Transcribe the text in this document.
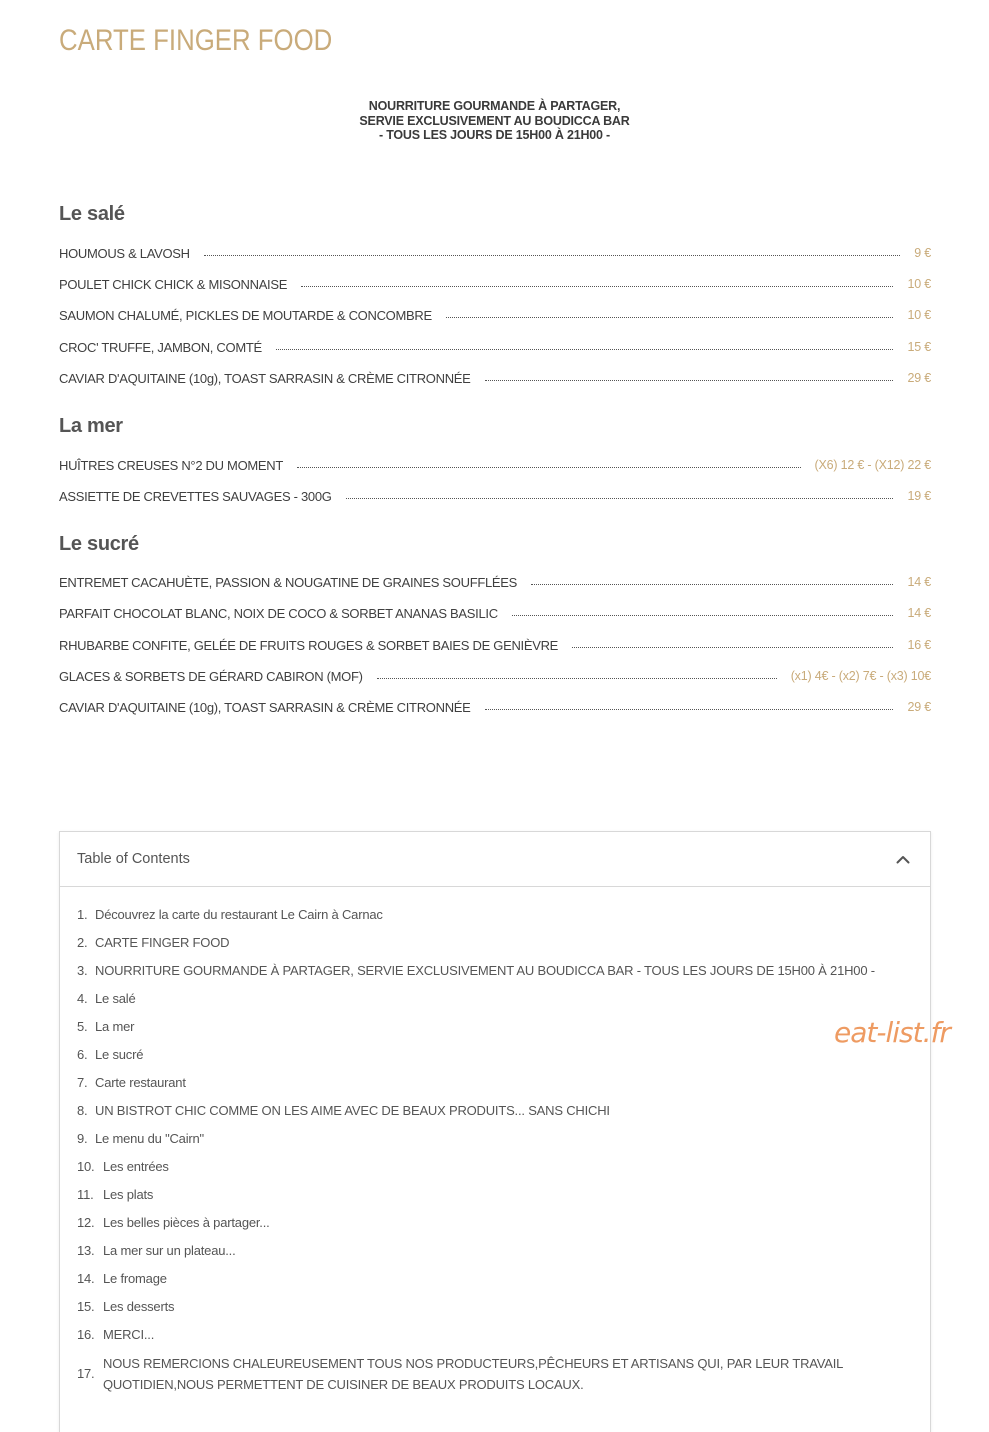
CARTE FINGER FOOD
NOURRITURE GOURMANDE À PARTAGER,
SERVIE EXCLUSIVEMENT AU BOUDICCA BAR
- TOUS LES JOURS DE 15H00 À 21H00 -
Le salé
HOUMOUS & LAVOSH	9 €
POULET CHICK CHICK & MISONNAISE	10 €
SAUMON CHALUMÉ, PICKLES DE MOUTARDE & CONCOMBRE	10 €
CROC' TRUFFE, JAMBON, COMTÉ	15 €
CAVIAR D'AQUITAINE (10g), TOAST SARRASIN & CRÈME CITRONNÉE	29 €
La mer
HUÎTRES CREUSES N°2 DU MOMENT	(X6) 12 € - (X12) 22 €
ASSIETTE DE CREVETTES SAUVAGES - 300G	19 €
Le sucré
ENTREMET CACAHUÈTE, PASSION & NOUGATINE DE GRAINES SOUFFLÉES	14 €
PARFAIT CHOCOLAT BLANC, NOIX DE COCO & SORBET ANANAS BASILIC	14 €
RHUBARBE CONFITE, GELÉE DE FRUITS ROUGES & SORBET BAIES DE GENIÈVRE	16 €
GLACES & SORBETS DE GÉRARD CABIRON (MOF)	(x1) 4€ - (x2) 7€ - (x3) 10€
CAVIAR D'AQUITAINE (10g), TOAST SARRASIN & CRÈME CITRONNÉE	29 €
Table of Contents
1. Découvrez la carte du restaurant Le Cairn à Carnac
2. CARTE FINGER FOOD
3. NOURRITURE GOURMANDE À PARTAGER, SERVIE EXCLUSIVEMENT AU BOUDICCA BAR - TOUS LES JOURS DE 15H00 À 21H00 -
4. Le salé
5. La mer
6. Le sucré
7. Carte restaurant
8. UN BISTROT CHIC COMME ON LES AIME AVEC DE BEAUX PRODUITS... SANS CHICHI
9. Le menu du "Cairn"
10. Les entrées
11. Les plats
12. Les belles pièces à partager...
13. La mer sur un plateau...
14. Le fromage
15. Les desserts
16. MERCI...
17.
NOUS REMERCIONS CHALEUREUSEMENT TOUS NOS PRODUCTEURS,PÊCHEURS ET ARTISANS QUI, PAR LEUR TRAVAIL QUOTIDIEN,NOUS PERMETTENT DE CUISINER DE BEAUX PRODUITS LOCAUX.
eat-list.fr
